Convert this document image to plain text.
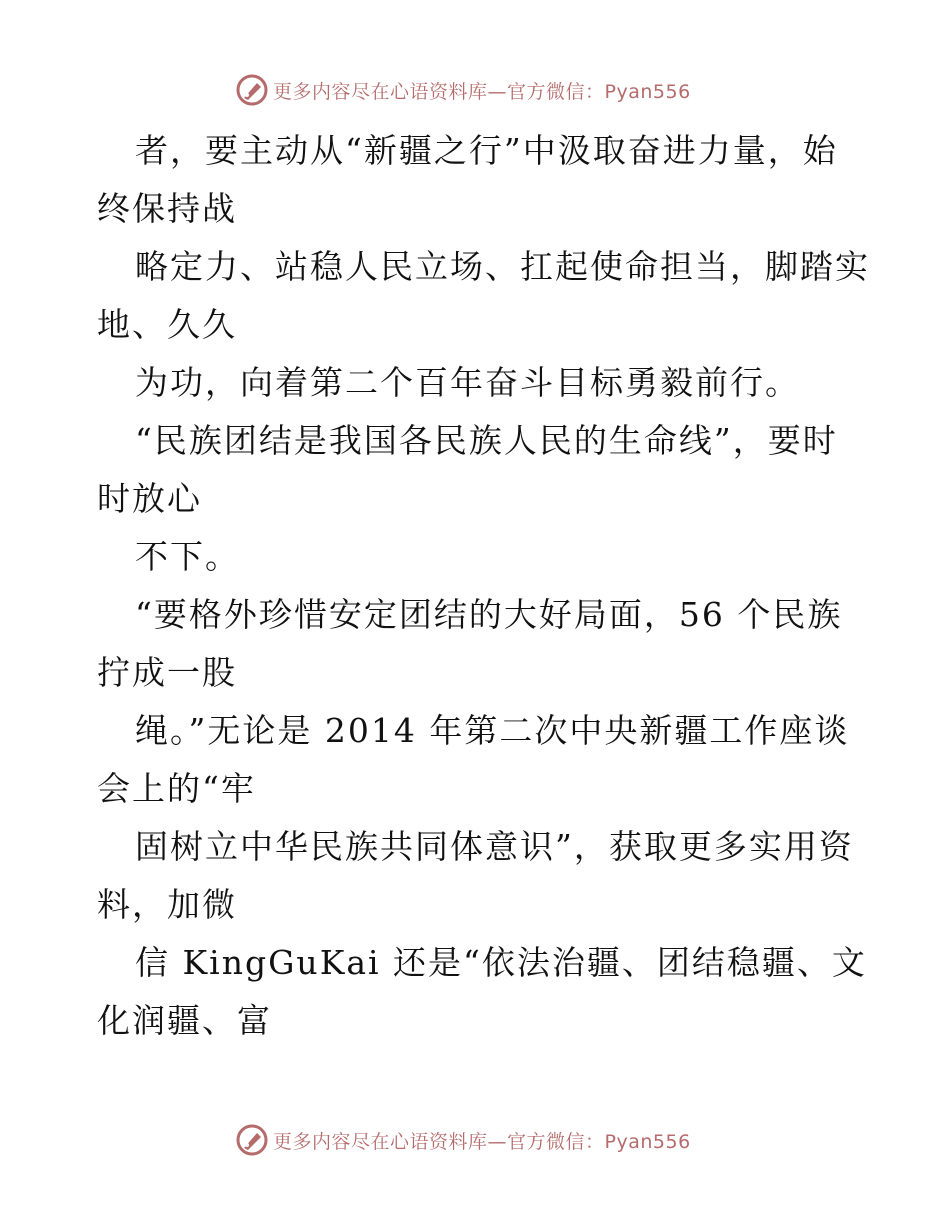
更多内容尽在心语资料库—官方微信：Pyan556

者，要主动从“新疆之行”中汲取奋进力量，始

终保持战

略定力、站稳人民立场、扛起使命担当，脚踏实

地、久久

为功，向着第二个百年奋斗目标勇毅前行。

“民族团结是我国各民族人民的生命线”，要时

时放心

不下。

“要格外珍惜安定团结的大好局面，56 个民族

拧成一股

绳。”无论是 2014 年第二次中央新疆工作座谈

会上的“牢

固树立中华民族共同体意识”，获取更多实用资

料，加微

信 KingGuKai 还是“依法治疆、团结稳疆、文

化润疆、富

更多内容尽在心语资料库—官方微信：Pyan556
